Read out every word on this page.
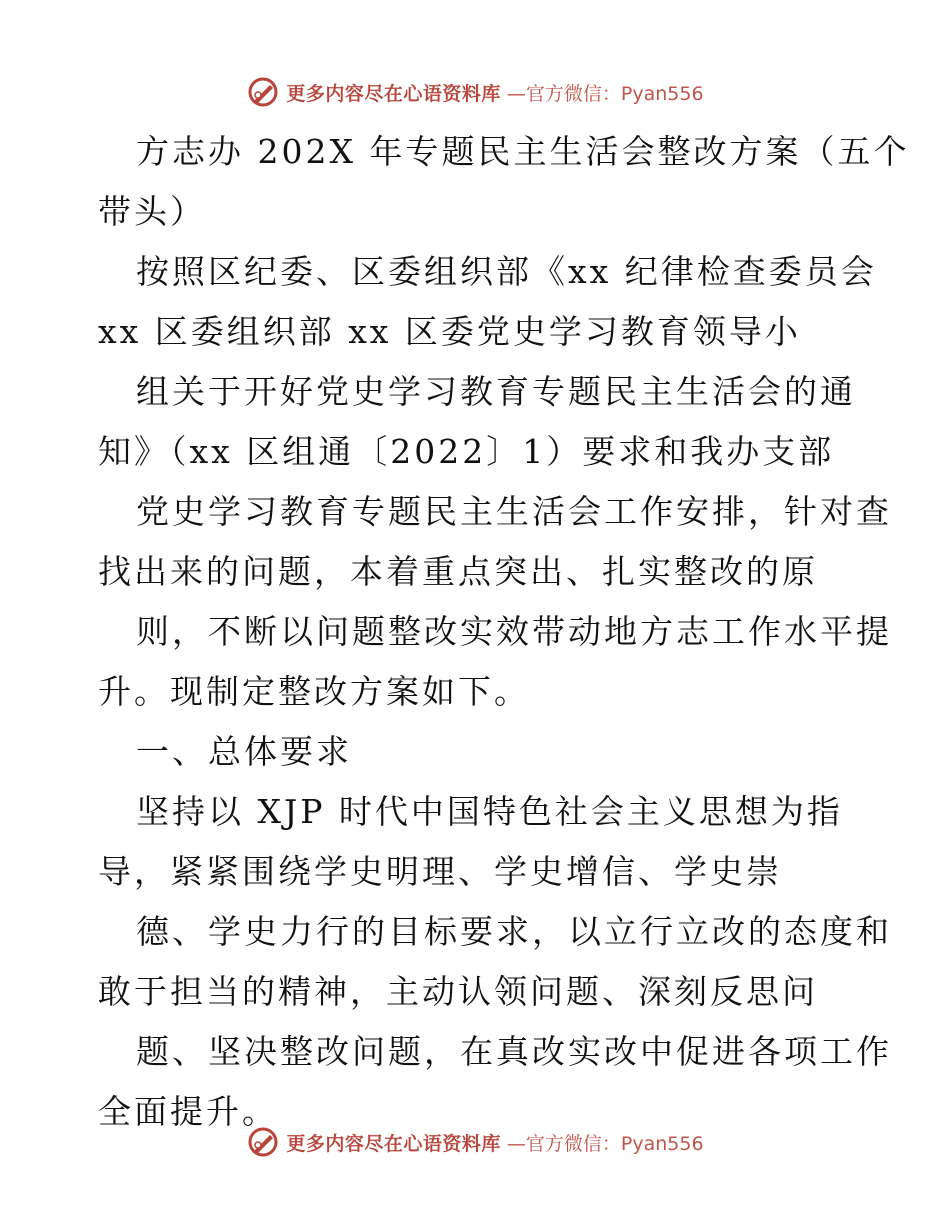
更多内容尽在心语资料库 —官方微信：Pyan556
方志办 202X 年专题民主生活会整改方案（五个
带头）
按照区纪委、区委组织部《xx 纪律检查委员会
xx 区委组织部 xx 区委党史学习教育领导小
组关于开好党史学习教育专题民主生活会的通
知》（xx 区组通〔2022〕1）要求和我办支部
党史学习教育专题民主生活会工作安排，针对查
找出来的问题，本着重点突出、扎实整改的原
则，不断以问题整改实效带动地方志工作水平提
升。现制定整改方案如下。
一、总体要求
坚持以 XJP 时代中国特色社会主义思想为指
导，紧紧围绕学史明理、学史增信、学史崇
德、学史力行的目标要求，以立行立改的态度和
敢于担当的精神，主动认领问题、深刻反思问
题、坚决整改问题，在真改实改中促进各项工作
全面提升。
更多内容尽在心语资料库 —官方微信：Pyan556
